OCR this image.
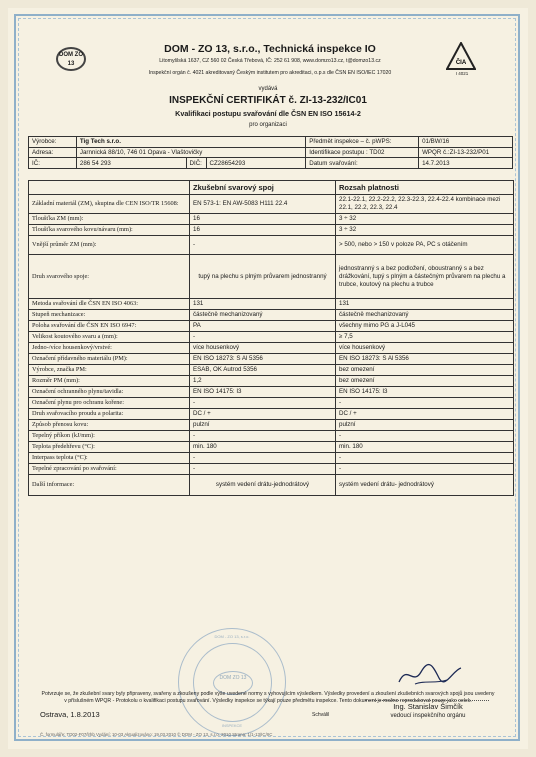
DOM ZO 13
DOM - ZO 13, s.r.o., Technická inspekce IO
Litomyšlská 1637, CZ 560 02 Česká Třebová, IČ: 252 61 908, www.domzo13.cz, t@domzo13.cz
Inspekční orgán č. 4021 akreditovaný Českým institutem pro akreditaci, o.p.s dle ČSN EN ISO/IEC 17020
ČIA
I 4021
vydává
INSPEKČNÍ CERTIFIKÁT č. ZI-13-232/IC01
Kvalifikaci postupu svařování dle ČSN EN ISO 15614-2
pro organizaci
Výrobce:	Tig Tech s.r.o.			Předmět inspekce – č. pWPS:	01/BW/16
Adresa:	Jarnnická 88/10, 746 01 Opava - Vlaštovičky			Identifikace postupu : TD02	WPQR č.:ZI-13-232/P01
IČ:	286 54 293	DIČ:	CZ28654293	Datum svařování:	14.7.2013
	Zkušební svarový spoj	Rozsah platnosti
Základní materiál (ZM), skupina dle CEN ISO/TR 15608:	EN 573-1: EN AW-5083 H111 22.4	22.1-22.1, 22.2-22.2, 22.3-22.3, 22.4-22.4 kombinace mezi 22.1, 22.2, 22.3, 22.4
Tloušťka ZM (mm):	16	3 ÷ 32
Tloušťka svarového kovu/návaru (mm):	16	3 ÷ 32
Vnější průměr ZM (mm):	-	> 500, nebo > 150 v poloze PA, PC s otáčením
Druh svarového spoje:	tupý na plechu s plným průvarem jednostranný	jednostranný s a bez podložení, oboustranný s a bez drážkování, tupý s plným a částečným průvarem na plechu a trubce, koutový na plechu a trubce
Metoda svařování dle ČSN EN ISO 4063:	131	131
Stupeň mechanizace:	částečně mechanizovaný	částečně mechanizovaný
Poloha svařování dle ČSN EN ISO 6947:	PA	všechny mimo PG a J-L045
Velikost koutového svaru a (mm):	-	≥ 7,5
Jedno-/více housenkový/vrstvé:	více housenkový	více housenkový
Označení přídavného materiálu (PM):	EN ISO 18273: S Al 5356	EN ISO 18273: S Al 5356
Výrobce, značka PM:	ESAB, OK Autrod 5356	bez omezení
Rozměr PM (mm):	1,2	bez omezení
Označení ochranného plynu/tavidla:	EN ISO 14175: I3	EN ISO 14175: I3
Označení plynu pro ochranu kořene:	-	-
Druh svařovacího proudu a polarita:	DC / +	DC / +
Způsob přenosu kovu:	pulzní	pulzní
Tepelný příkon (kJ/mm):	-	-
Teplota předehřevu (°C):	min. 180	min. 180
Interpass teplota (°C):	-	-
Tepelné zpracování po svařování:	-	-
Další informace:	systém vedení drátu-jednodrátový	systém vedení drátu- jednodrátový
DOM - ZO 13, s.r.o.
DOM ZO 13
INSPEKCE
Potvrzuje se, že zkušební svary byly připraveny, svařeny a zkoušeny podle výše uvedené normy s vyhovujícím výsledkem. Výsledky provedení a zkoušení zkušebních svarových spojů jsou uvedeny v příslušném WPQR - Protokolu o kvalifikaci postupu svařování. Výsledky inspekce se týkají pouze předmětu inspekce. Tento dokument je možno reprodukovat pouze jako celek.
Ostrava, 1.8.2013	Schválil
Ing. Stanislav Šimčík
vedoucí inspekčního orgánu
Č. formuláře: TD02-F07/lrhb Vydání: 10-03 Aktualizováno: 19.03.2010 © DOM - ZO 13, s.r.o. 2010 Strana: 1/1-13/IC/IIC
